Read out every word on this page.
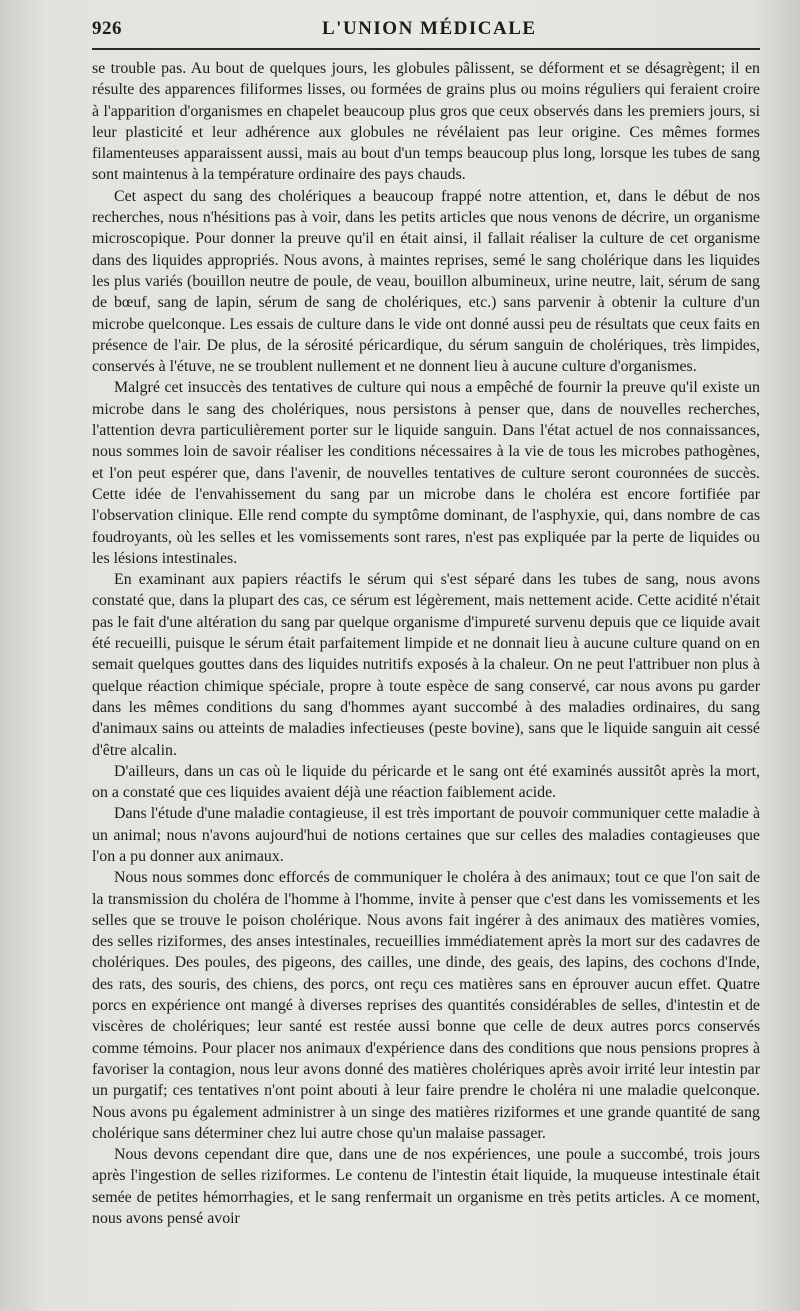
926	L'UNION MÉDICALE

se trouble pas. Au bout de quelques jours, les globules pâlissent, se déforment et se désagrègent; il en résulte des apparences filiformes lisses, ou formées de grains plus ou moins réguliers qui feraient croire à l'apparition d'organismes en chapelet beaucoup plus gros que ceux observés dans les premiers jours, si leur plasticité et leur adhérence aux globules ne révélaient pas leur origine. Ces mêmes formes filamenteuses apparaissent aussi, mais au bout d'un temps beaucoup plus long, lorsque les tubes de sang sont maintenus à la température ordinaire des pays chauds.

Cet aspect du sang des cholériques a beaucoup frappé notre attention, et, dans le début de nos recherches, nous n'hésitions pas à voir, dans les petits articles que nous venons de décrire, un organisme microscopique. Pour donner la preuve qu'il en était ainsi, il fallait réaliser la culture de cet organisme dans des liquides appropriés. Nous avons, à maintes reprises, semé le sang cholérique dans les liquides les plus variés (bouillon neutre de poule, de veau, bouillon albumineux, urine neutre, lait, sérum de sang de bœuf, sang de lapin, sérum de sang de cholériques, etc.) sans parvenir à obtenir la culture d'un microbe quelconque. Les essais de culture dans le vide ont donné aussi peu de résultats que ceux faits en présence de l'air. De plus, de la sérosité péricardique, du sérum sanguin de cholériques, très limpides, conservés à l'étuve, ne se troublent nullement et ne donnent lieu à aucune culture d'organismes.

Malgré cet insuccès des tentatives de culture qui nous a empêché de fournir la preuve qu'il existe un microbe dans le sang des cholériques, nous persistons à penser que, dans de nouvelles recherches, l'attention devra particulièrement porter sur le liquide sanguin. Dans l'état actuel de nos connaissances, nous sommes loin de savoir réaliser les conditions nécessaires à la vie de tous les microbes pathogènes, et l'on peut espérer que, dans l'avenir, de nouvelles tentatives de culture seront couronnées de succès. Cette idée de l'envahissement du sang par un microbe dans le choléra est encore fortifiée par l'observation clinique. Elle rend compte du symptôme dominant, de l'asphyxie, qui, dans nombre de cas foudroyants, où les selles et les vomissements sont rares, n'est pas expliquée par la perte de liquides ou les lésions intestinales.

En examinant aux papiers réactifs le sérum qui s'est séparé dans les tubes de sang, nous avons constaté que, dans la plupart des cas, ce sérum est légèrement, mais nettement acide. Cette acidité n'était pas le fait d'une altération du sang par quelque organisme d'impureté survenu depuis que ce liquide avait été recueilli, puisque le sérum était parfaitement limpide et ne donnait lieu à aucune culture quand on en semait quelques gouttes dans des liquides nutritifs exposés à la chaleur. On ne peut l'attribuer non plus à quelque réaction chimique spéciale, propre à toute espèce de sang conservé, car nous avons pu garder dans les mêmes conditions du sang d'hommes ayant succombé à des maladies ordinaires, du sang d'animaux sains ou atteints de maladies infectieuses (peste bovine), sans que le liquide sanguin ait cessé d'être alcalin.

D'ailleurs, dans un cas où le liquide du péricarde et le sang ont été examinés aussitôt après la mort, on a constaté que ces liquides avaient déjà une réaction faiblement acide.

Dans l'étude d'une maladie contagieuse, il est très important de pouvoir communiquer cette maladie à un animal; nous n'avons aujourd'hui de notions certaines que sur celles des maladies contagieuses que l'on a pu donner aux animaux.

Nous nous sommes donc efforcés de communiquer le choléra à des animaux; tout ce que l'on sait de la transmission du choléra de l'homme à l'homme, invite à penser que c'est dans les vomissements et les selles que se trouve le poison cholérique. Nous avons fait ingérer à des animaux des matières vomies, des selles riziformes, des anses intestinales, recueillies immédiatement après la mort sur des cadavres de cholériques. Des poules, des pigeons, des cailles, une dinde, des geais, des lapins, des cochons d'Inde, des rats, des souris, des chiens, des porcs, ont reçu ces matières sans en éprouver aucun effet. Quatre porcs en expérience ont mangé à diverses reprises des quantités considérables de selles, d'intestin et de viscères de cholériques; leur santé est restée aussi bonne que celle de deux autres porcs conservés comme témoins. Pour placer nos animaux d'expérience dans des conditions que nous pensions propres à favoriser la contagion, nous leur avons donné des matières cholériques après avoir irrité leur intestin par un purgatif; ces tentatives n'ont point abouti à leur faire prendre le choléra ni une maladie quelconque. Nous avons pu également administrer à un singe des matières riziformes et une grande quantité de sang cholérique sans déterminer chez lui autre chose qu'un malaise passager.

Nous devons cependant dire que, dans une de nos expériences, une poule a succombé, trois jours après l'ingestion de selles riziformes. Le contenu de l'intestin était liquide, la muqueuse intestinale était semée de petites hémorrhagies, et le sang renfermait un organisme en très petits articles. A ce moment, nous avons pensé avoir
